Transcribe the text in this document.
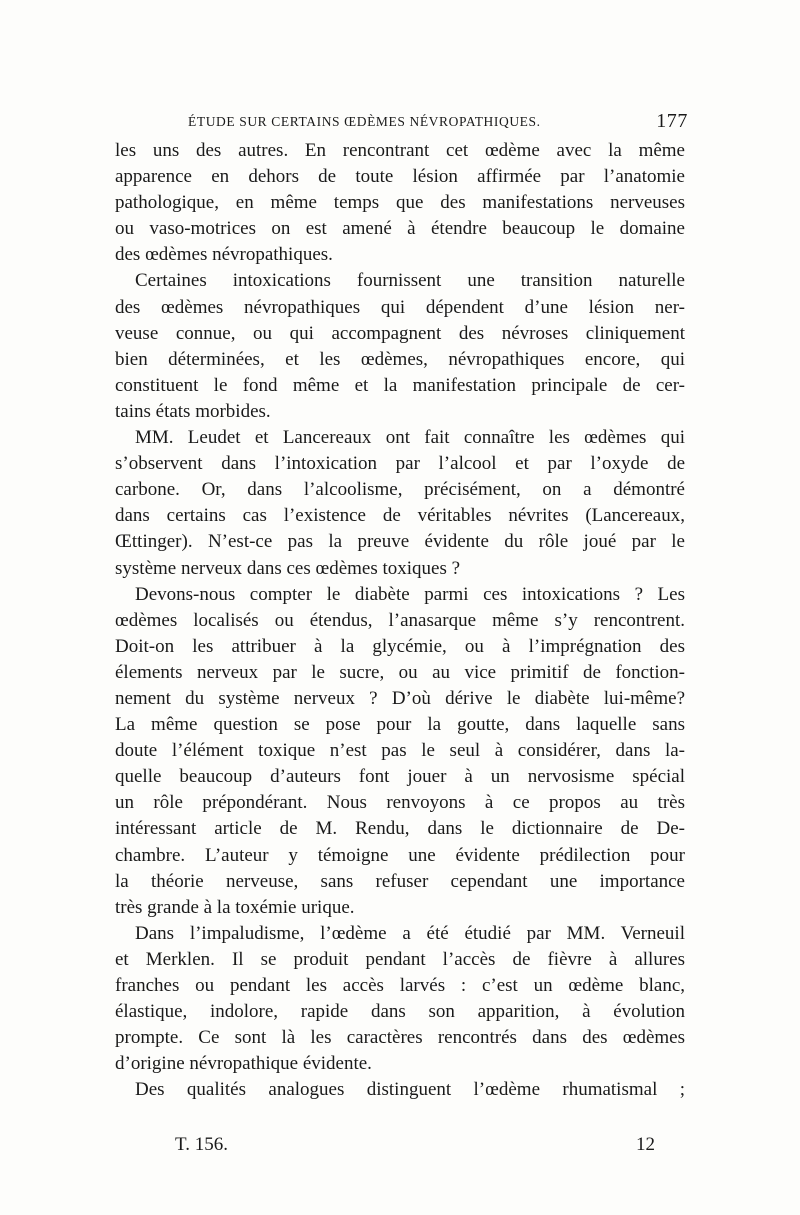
ÉTUDE SUR CERTAINS ŒDÈMES NÉVROPATHIQUES.	177
les uns des autres. En rencontrant cet œdème avec la même
apparence en dehors de toute lésion affirmée par l’anatomie
pathologique, en même temps que des manifestations nerveuses
ou vaso-motrices on est amené à étendre beaucoup le domaine
des œdèmes névropathiques.
Certaines intoxications fournissent une transition naturelle
des œdèmes névropathiques qui dépendent d’une lésion ner-
veuse connue, ou qui accompagnent des névroses cliniquement
bien déterminées, et les œdèmes, névropathiques encore, qui
constituent le fond même et la manifestation principale de cer-
tains états morbides.
MM. Leudet et Lancereaux ont fait connaître les œdèmes qui
s’observent dans l’intoxication par l’alcool et par l’oxyde de
carbone. Or, dans l’alcoolisme, précisément, on a démontré
dans certains cas l’existence de véritables névrites (Lancereaux,
Œttinger). N’est-ce pas la preuve évidente du rôle joué par le
système nerveux dans ces œdèmes toxiques ?
Devons-nous compter le diabète parmi ces intoxications ? Les
œdèmes localisés ou étendus, l’anasarque même s’y rencontrent.
Doit-on les attribuer à la glycémie, ou à l’imprégnation des
élements nerveux par le sucre, ou au vice primitif de fonction-
nement du système nerveux ? D’où dérive le diabète lui-même?
La même question se pose pour la goutte, dans laquelle sans
doute l’élément toxique n’est pas le seul à considérer, dans la-
quelle beaucoup d’auteurs font jouer à un nervosisme spécial
un rôle prépondérant. Nous renvoyons à ce propos au très
intéressant article de M. Rendu, dans le dictionnaire de De-
chambre. L’auteur y témoigne une évidente prédilection pour
la théorie nerveuse, sans refuser cependant une importance
très grande à la toxémie urique.
Dans l’impaludisme, l’œdème a été étudié par MM. Verneuil
et Merklen. Il se produit pendant l’accès de fièvre à allures
franches ou pendant les accès larvés : c’est un œdème blanc,
élastique, indolore, rapide dans son apparition, à évolution
prompte. Ce sont là les caractères rencontrés dans des œdèmes
d’origine névropathique évidente.
Des qualités analogues distinguent l’œdème rhumatismal ;
T. 156.	12
